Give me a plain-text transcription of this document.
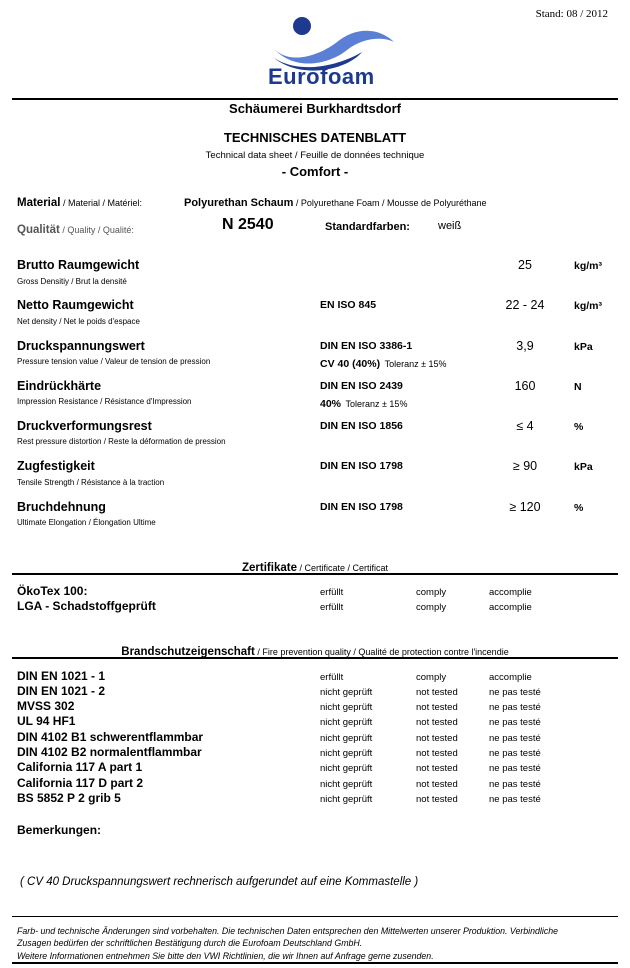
Stand: 08 / 2012
Eurofoam
Schäumerei Burkhardtsdorf
TECHNISCHES DATENBLATT
Technical data sheet / Feuille de données technique
- Comfort -
Material / Material / Matériel:	Polyurethan Schaum / Polyurethane Foam / Mousse de Polyuréthane
Qualität / Quality / Qualité:	N 2540	Standardfarben:	weiß
Brutto Raumgewicht
Gross Densitiy / Brut la densité
25	kg/m³
Netto Raumgewicht
Net density / Net le poids d'espace
EN ISO 845	22 - 24	kg/m³
Druckspannungswert
Pressure tension value / Valeur de tension de pression
DIN EN ISO 3386-1
CV 40 (40%) Toleranz ± 15%
3,9	kPa
Eindrückhärte
Impression Resistance / Résistance d'Impression
DIN EN ISO 2439
40% Toleranz ± 15%
160	N
Druckverformungsrest
Rest pressure distortion / Reste la déformation de pression
DIN EN ISO 1856	≤ 4	%
Zugfestigkeit
Tensile Strength / Résistance à la traction
DIN EN ISO 1798	≥ 90	kPa
Bruchdehnung
Ultimate Elongation / Élongation Ultime
DIN EN ISO 1798	≥ 120	%
Zertifikate / Certificate / Certificat
ÖkoTex 100:	erfüllt	comply	accomplie
LGA - Schadstoffgeprüft	erfüllt	comply	accomplie
Brandschutzeigenschaft / Fire prevention quality / Qualité de protection contre l'incendie
DIN EN 1021 - 1	erfüllt	comply	accomplie
DIN EN 1021 - 2	nicht geprüft	not tested	ne pas testé
MVSS 302	nicht geprüft	not tested	ne pas testé
UL 94 HF1	nicht geprüft	not tested	ne pas testé
DIN 4102 B1 schwerentflammbar	nicht geprüft	not tested	ne pas testé
DIN 4102 B2 normalentflammbar	nicht geprüft	not tested	ne pas testé
California 117 A part 1	nicht geprüft	not tested	ne pas testé
California 117 D part 2	nicht geprüft	not tested	ne pas testé
BS 5852 P 2 grib 5	nicht geprüft	not tested	ne pas testé
Bemerkungen:
( CV 40 Druckspannungswert rechnerisch aufgerundet auf eine Kommastelle )
Farb- und technische Änderungen sind vorbehalten. Die technischen Daten entsprechen den Mittelwerten unserer Produktion. Verbindliche
Zusagen bedürfen der schriftlichen Bestätigung durch die Eurofoam Deutschland GmbH.
Weitere Informationen entnehmen Sie bitte den VWI Richtlinien, die wir Ihnen auf Anfrage gerne zusenden.
